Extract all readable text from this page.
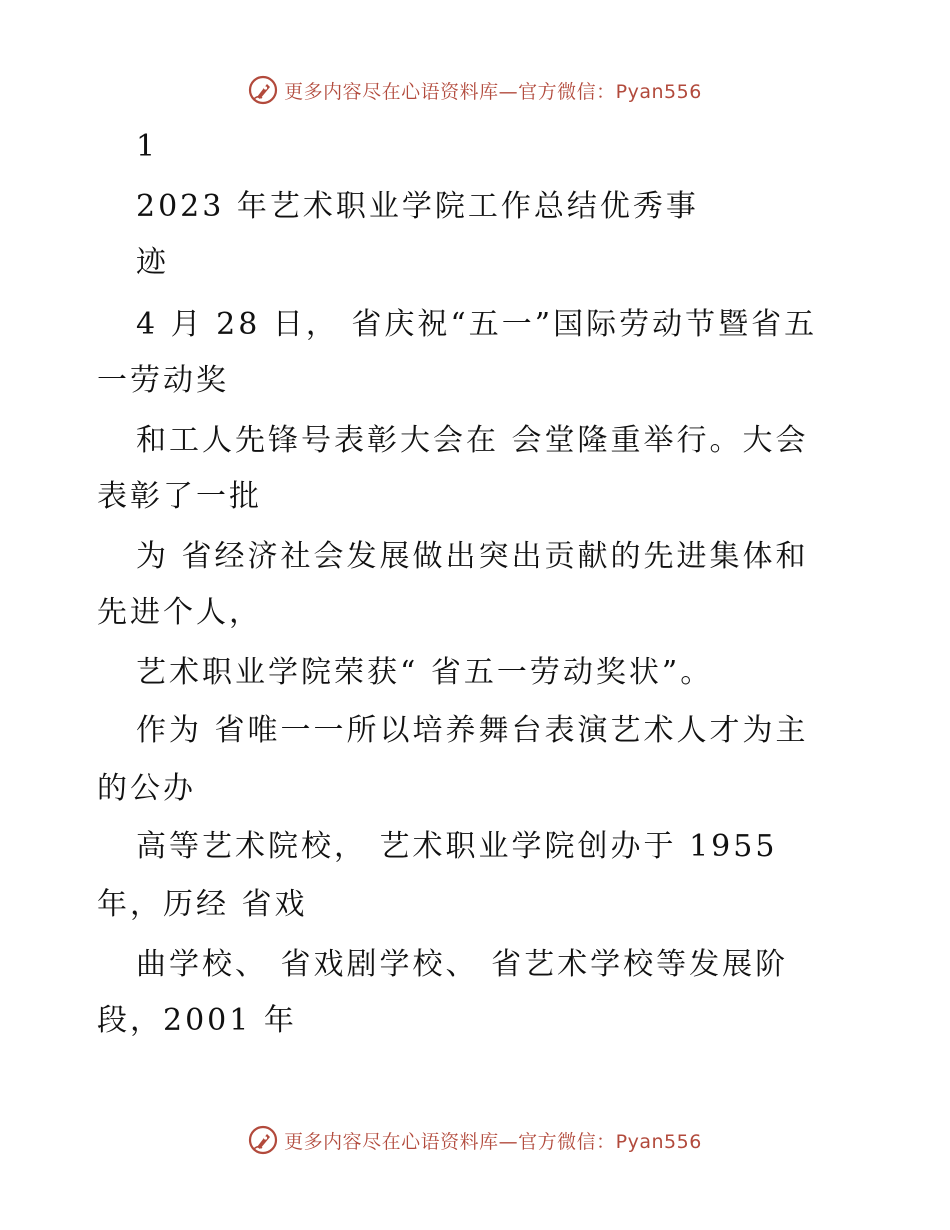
更多内容尽在心语资料库—官方微信：Pyan556
1
2023 年艺术职业学院工作总结优秀事
迹
4 月 28 日， 省庆祝“五一”国际劳动节暨省五
一劳动奖
和工人先锋号表彰大会在 会堂隆重举行。大会
表彰了一批
为 省经济社会发展做出突出贡献的先进集体和
先进个人，
艺术职业学院荣获“ 省五一劳动奖状”。
作为 省唯一一所以培养舞台表演艺术人才为主
的公办
高等艺术院校， 艺术职业学院创办于 1955
年，历经 省戏
曲学校、 省戏剧学校、 省艺术学校等发展阶
段，2001 年
更多内容尽在心语资料库—官方微信：Pyan556
